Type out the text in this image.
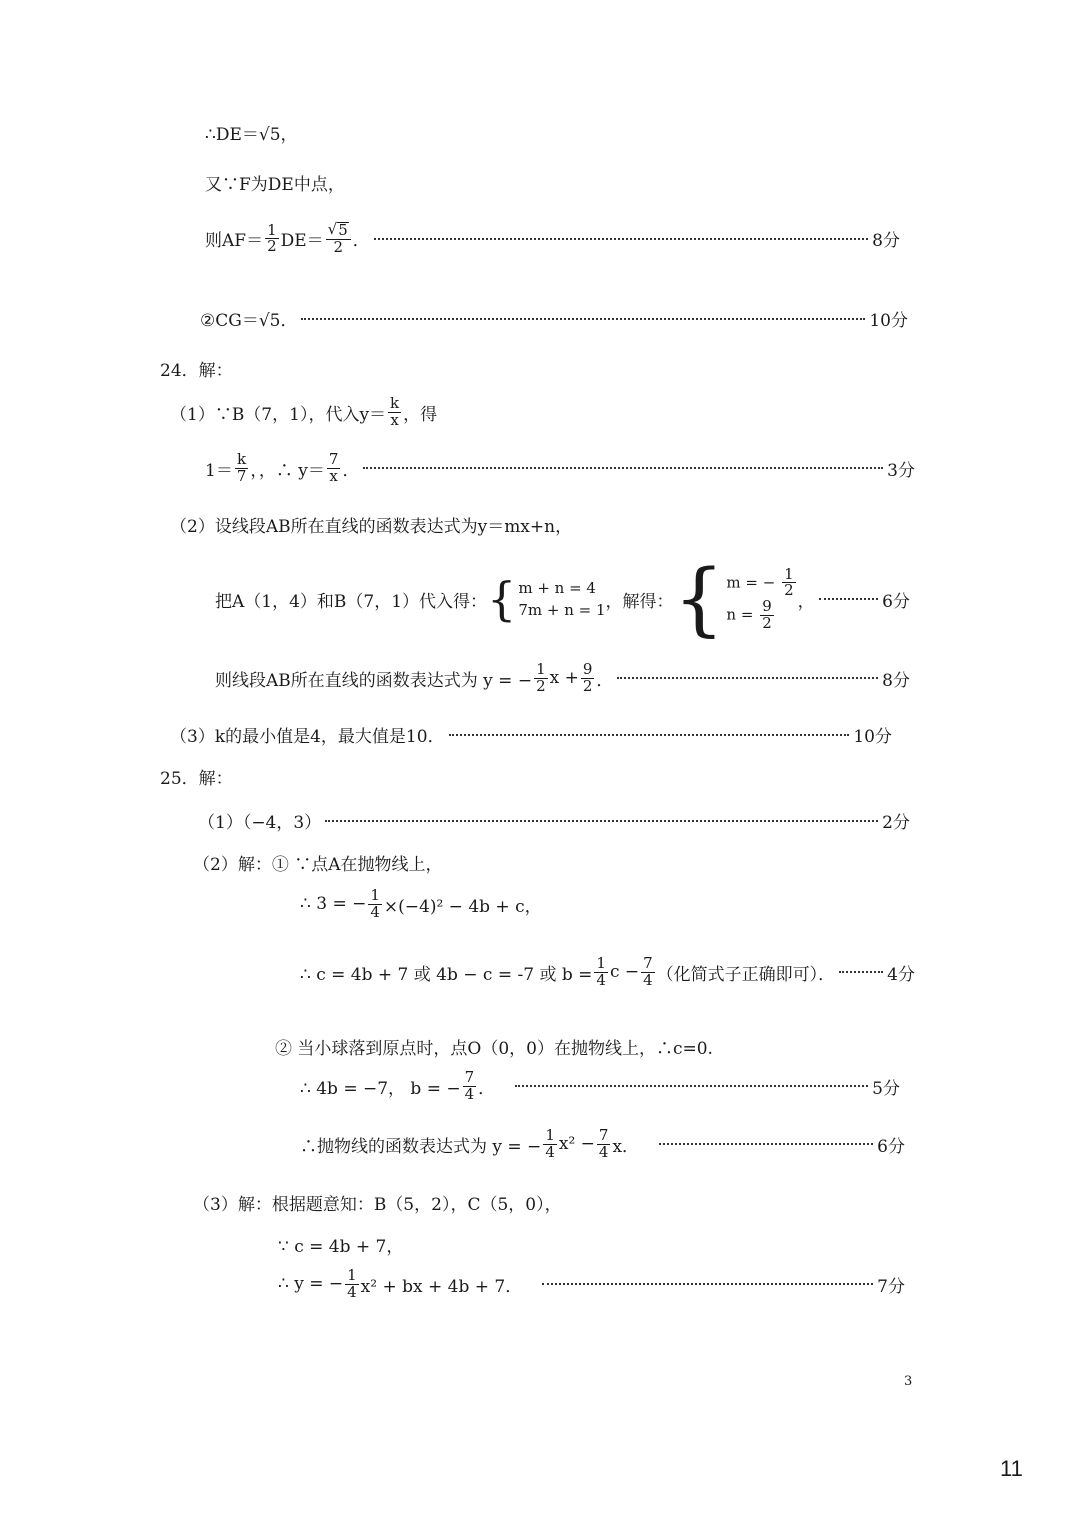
∴DE＝√5，
又∵F为DE中点，
则$AF= \frac{1}{2} DE= \frac{√ 5}{2}$ ．	8分
②CG＝√5．	10分
24．解：
（1）∵B（7，1），代入$y= \frac{k}{x}$ ，得
$1= \frac{k}{7}$ ，，∴ $y= \frac{7}{x}$ ．	3分
（2）设线段AB所在直线的函数表达式为y＝mx+n，
把A（1，4）和B（7，1）代入得： { m + n = 4
7m + n = 1 ，解得： { m = − $\frac{1}{2}$
$n = \frac{9}{2}$ ，	6分
则线段AB所在直线的函数表达式为 y = − $\frac{1}{2}$ $x + \frac{9}{2}$ ．	8分
（3）k的最小值是4，最大值是10．	10分
25．解：
（1）（−4，3）	2分
（2）解：① ∵点A在抛物线上，
∴ 3 = − $\frac{1}{4} \times(-4)^2 - 4b + c$，
∴ c = 4b + 7 或 4b − c = -7 或 $b = \frac{1}{4}$ $c - \frac{7}{4}$ （化简式子正确即可）．	4分
② 当小球落到原点时，点O（0，0）在抛物线上，∴c=0.
∴ 4b = −7， b = − $\frac{7}{4}$ ．	5分
∴抛物线的函数表达式为 y = − $\frac{1}{4} x^2 - \frac{7}{4}$ x．	6分
（3）解：根据题意知：B（5，2），C（5，0），
∵ c = 4b + 7，
∴ y = − $\frac{1}{4} x^2$ + bx + 4b + 7．	7分
3
11
